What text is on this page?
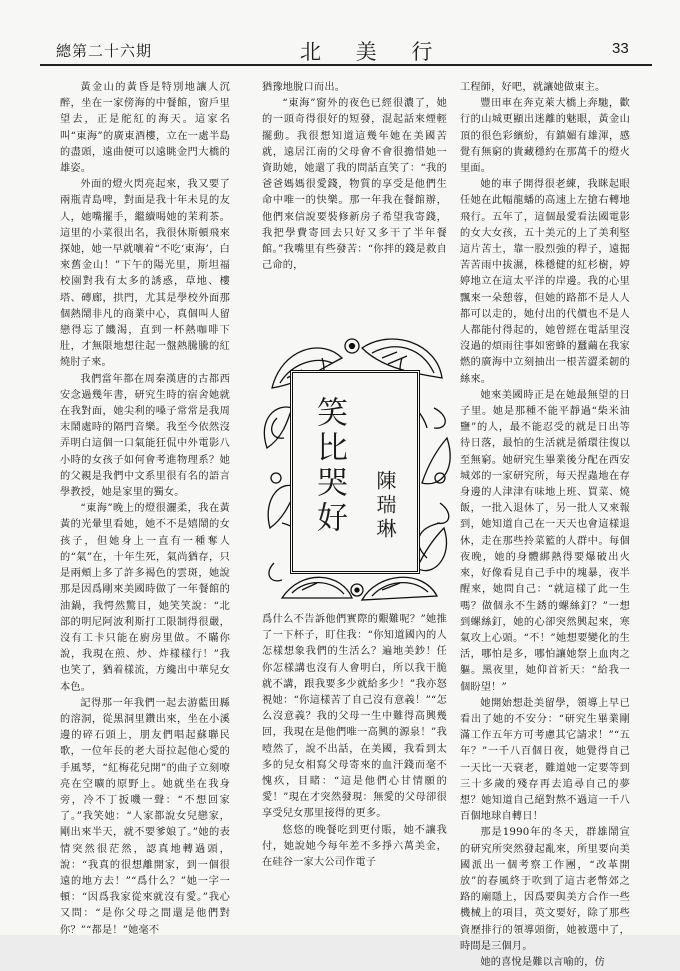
總第二十六期	北 美 行	33

黃金山的黃昏是特別地讓人沉醉，坐在一家傍海的中餐館，窗戶里望去，正是舵紅的海天。這家名叫“東海”的廣東酒樓，立在一處半島的盡頭，遠曲便可以遠眺金門大橋的雄姿。

外面的燈火閃亮起來，我又要了兩瓶青島啤，對面是我十年未見的友人，她嘴擺手，繼續喝她的茉莉茶。這里的小菜很出名，我很休斯頓飛來探她，她一早就嚷着“不吃‘東海’，白來舊金山！”下午的陽光里，斯坦福校園對我有太多的誘惑，草地、樓塔、磚廊，拱門，尤其是學校外面那個熱鬧非凡的商業中心，真個叫人留戀得忘了饑渴，直到一杯熱咖啡下肚，才無限地想往起一盤熱騰騰的紅燒肘子來。

我們當年都在周秦漢唐的古都西安念過幾年書，研究生時的宿舍她就在我對面，她尖利的嗓子常常是我周末鬧處時的隔門音樂。我至今依然沒弄明白這個一口氣能狂侃中外電影八小時的女孩子如何會考進物理系？她的父親是我們中文系里很有名的語言學教授，她是家里的獨女。

“東海”晚上的燈很灑柔，我在黃黃的光暈里看她，她不不是嬉鬧的女孩子，但她身上一直有一種奪人的“氣”在，十年生死，氣尚猶存，只是兩頰上多了許多褐色的雲斑，她說那是因爲剛來美國時做了一年餐館的油鍋，我愕然驚目，她笑笑說：“北部的明尼阿波利斯打工限制得很嚴，沒有工卡只能在廚房里做。不瞞你說，我現在煎、炒、炸樣樣行！”我也笑了，猶着樣流，方纔出中華兒女本色。

記得那一年我們一起去游藍田縣的溶洞，從黑洞里鑽出來，坐在小溪邊的碎石頭上，朋友們唱起蘇聯民歌，一位年長的老大哥拉起他心愛的手風琴，“紅梅花兒開”的曲子立刻嘹亮在空曠的原野上。她就坐在我身旁，冷不丁扳嘰一聲：“不想回家了。”我笑她：“人家都說女兒戀家，剛出來半天，就不要爹娘了。”她的表情突然很茫然，認真地轉過頭，說：“我真的很想離開家，到一個很遠的地方去！”“爲什么？”她一字一頓：“因爲我家從來就沒有愛。”我心又問：“是你父母之間還是他們對你？”“都是！”她毫不

猶豫地脫口而出。

“東海”窗外的夜色已經很濃了，她的一頭奇得很好的短發，混起話來煙輕擺動。我很想知道這幾年她在美國苦就，遠居江南的父母會不會很擔惜她一資助她，她還了我的問話直笑了：“我的爸爸媽媽很愛錢，物質的享受是他們生命中唯一的快樂。那一年我在餐館辦，他們來信說要裝修新房子希望我寄錢，我把學費寄回去只好又多干了半年餐館。”我嘴里有些發苦：“你拌的錢是救自己命的，

笑比哭好 陳瑞琳

爲什么不告訴他們實際的艱難呢？”她推了一下杯子，盯住我：“你知道國內的人怎樣想象我們的生活么？遍地美鈔！任你怎樣講也沒有人會明白，所以我干脆就不講，跟我要多少就給多少！”我亦怒視她：“你這樣苦了自己沒有意義！”“怎么沒意義？我的父母一生中難得高興幾回，我現在是他們唯一高興的源泉！”我噎然了，說不出話，在美國，我看到太多的兒女相寫父母寄來的血汗錢而毫不愧疚，目睹：“這是他們心甘情願的愛！”現在才突然發現：無愛的父母卻很享受兒女那里接得的更多。

悠悠的晚餐吃到更付賬，她不讓我付，她說她今每年差不多掙六萬美金，在硅谷一家大公司作電子

工程師，好吧，就讓她做東主。

豐田車在奔克萊大橋上奔馳，歡行的山城更顯出迷離的魅眼，黃金山頂的很色彩繽紛，有鎮媚有雄渾，感覺有無窮的貴藏穩約在那萬千的燈火里面。

她的車子開得很老練，我眯起眼任她在此幅龍蟠的高速上左搶右轉地飛行。五年了，這個最愛看法國電影的女大女孩，五十美元的上了美利堅這片苦土，靠一股烈強的稈子，遠掘苦苦雨中拔濕，株穩健的紅杉樹，婷婷地立在這太平洋的岸邊。我的心里飄來一朵憩蓉，但她的路都不是人人都可以走的，她付出的代價也不是人人都能付得起的，她曾經在電話里沒沒過的煩雨往事如密蜂的蠶繭在我家燃的廣海中立刻抽出一根苦澀柔韌的絲來。

她來美國時正是在她最無望的日子里。她是那種不能平靜過“柴米油鹽”的人，最不能忍受的就是日出等待日落，最怕的生活就是循環往復以至無窮。她研究生畢業後分配在西安城郊的一家研究所，每天捏蟲地在存身邊的人津津有味地上班、買菜、燒飯，一批入退休了，另一批人又來報到，她知道自己在一天天也會這樣退休，走在那些拎菜籃的人群中。每個夜晚，她的身體綁熱得要爆破出火來，好像看見自己手中的塊暴，夜半醒來，她問自己：“就這樣了此一生嗎？做個永不生銹的螺絲釘？”一想到螺絲釘，她的心卻突然興起來，寒氣攻上心頭。“不！”她想要變化的生活，哪怕是多，哪怕讓她祭上血肉之軀。黑夜里，她仰首祈天：“給我一個盼望！”

她開始想赴美留學，領導上早已看出了她的不安分：“研究生畢業剛滿工作五年方可考慮其它請求！”“五年？”一千八百個日夜，她覺得自己一天比一天衰老，難道她一定要等到三十多歲的殘存再去追尋自己的夢想？她知道自己絕對熬不過這一千八百個地球自轉日！

那是1990年的冬天，群雄鬧宣的研究所突然發起亂來，所里要向美國派出一個考察工作團，“改革開放”的春風終于吹到了這古老幣郊之路的廟隱上，因爲要與美方合作一些機械上的項目，英文要好，除了那些資歷排行的領導頭銜，她被選中了，時間是三個月。

她的喜悅是難以言喻的，仿
